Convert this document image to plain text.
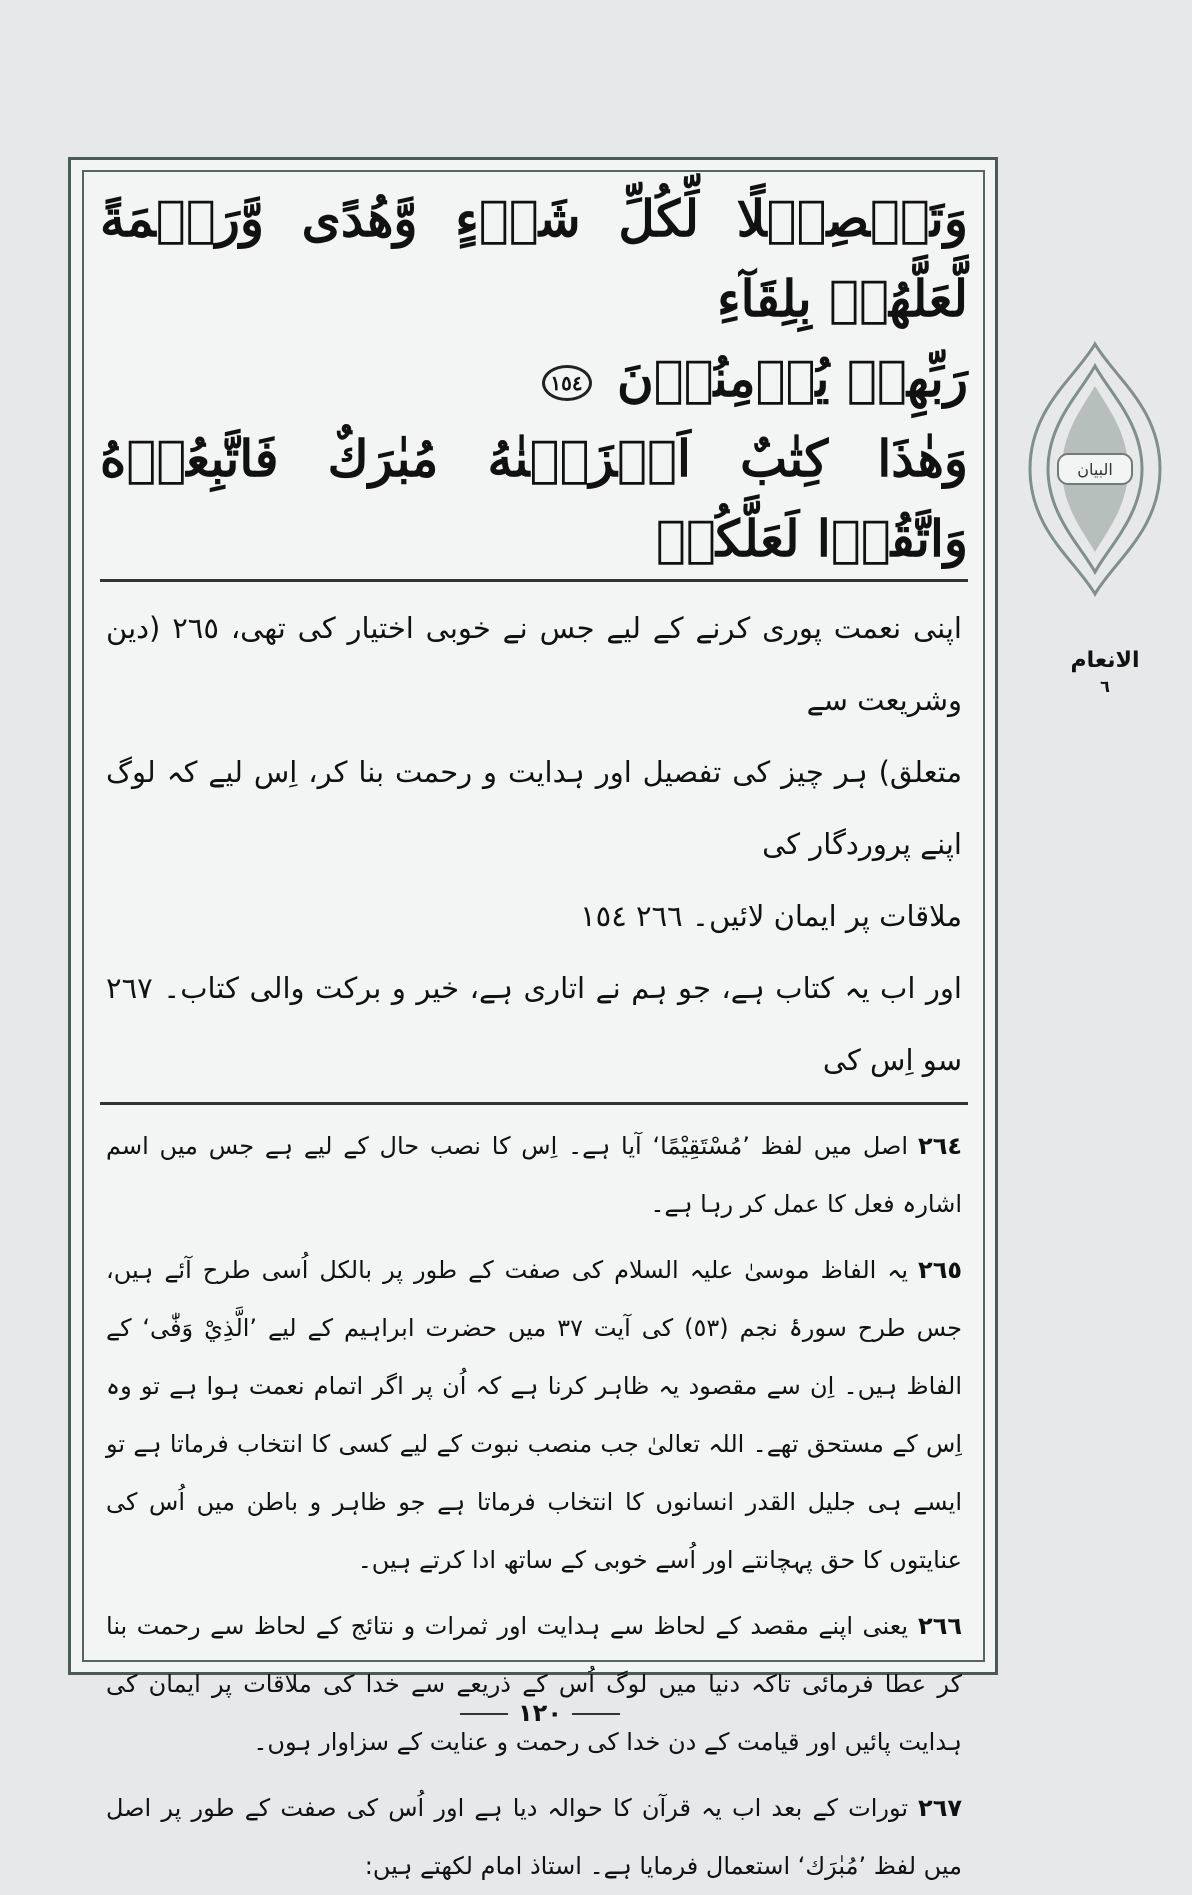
وَتَفۡصِيۡلًا لِّكُلِّ شَىۡءٍ وَّهُدًى وَّرَحۡمَةً لَّعَلَّهُمۡ بِلِقَآءِ

رَبِّهِمۡ يُؤۡمِنُوۡنَ ١٥٤

وَهٰذَا كِتٰبٌ اَنۡزَلۡنٰهُ مُبٰرَكٌ فَاتَّبِعُوۡهُ وَاتَّقُوۡا لَعَلَّكُمۡ

اپنی نعمت پوری کرنے کے لیے جس نے خوبی اختیار کی تھی، ٢٦٥ (دین وشریعت سے

متعلق) ہر چیز کی تفصیل اور ہدایت و رحمت بنا کر، اِس لیے کہ لوگ اپنے پروردگار کی

ملاقات پر ایمان لائیں۔ ٢٦٦ ١٥٤

اور اب یہ کتاب ہے، جو ہم نے اتاری ہے، خیر و برکت والی کتاب۔ ٢٦٧ سو اِس کی

٢٦٤اصل میں لفظ ’مُسْتَقِيْمًا‘ آیا ہے۔ اِس کا نصب حال کے لیے ہے جس میں اسم اشارہ فعل کا عمل کر رہا ہے۔

٢٦٥یہ الفاظ موسیٰ علیہ السلام کی صفت کے طور پر بالکل اُسی طرح آئے ہیں، جس طرح سورۂ نجم (٥٣) کی آیت ٣٧ میں حضرت ابراہیم کے لیے ’الَّذِيْ وَفّٰى‘ کے الفاظ ہیں۔ اِن سے مقصود یہ ظاہر کرنا ہے کہ اُن پر اگر اتمام نعمت ہوا ہے تو وہ اِس کے مستحق تھے۔ اللہ تعالیٰ جب منصب نبوت کے لیے کسی کا انتخاب فرماتا ہے تو ایسے ہی جلیل القدر انسانوں کا انتخاب فرماتا ہے جو ظاہر و باطن میں اُس کی عنایتوں کا حق پہچانتے اور اُسے خوبی کے ساتھ ادا کرتے ہیں۔

٢٦٦یعنی اپنے مقصد کے لحاظ سے ہدایت اور ثمرات و نتائج کے لحاظ سے رحمت بنا کر عطا فرمائی تاکہ دنیا میں لوگ اُس کے ذریعے سے خدا کی ملاقات پر ایمان کی ہدایت پائیں اور قیامت کے دن خدا کی رحمت و عنایت کے سزاوار ہوں۔

٢٦٧تورات کے بعد اب یہ قرآن کا حوالہ دیا ہے اور اُس کی صفت کے طور پر اصل میں لفظ ’مُبٰرَك‘ استعمال فرمایا ہے۔ استاذ امام لکھتے ہیں:

البیان
الانعام
٦
١٢٠
